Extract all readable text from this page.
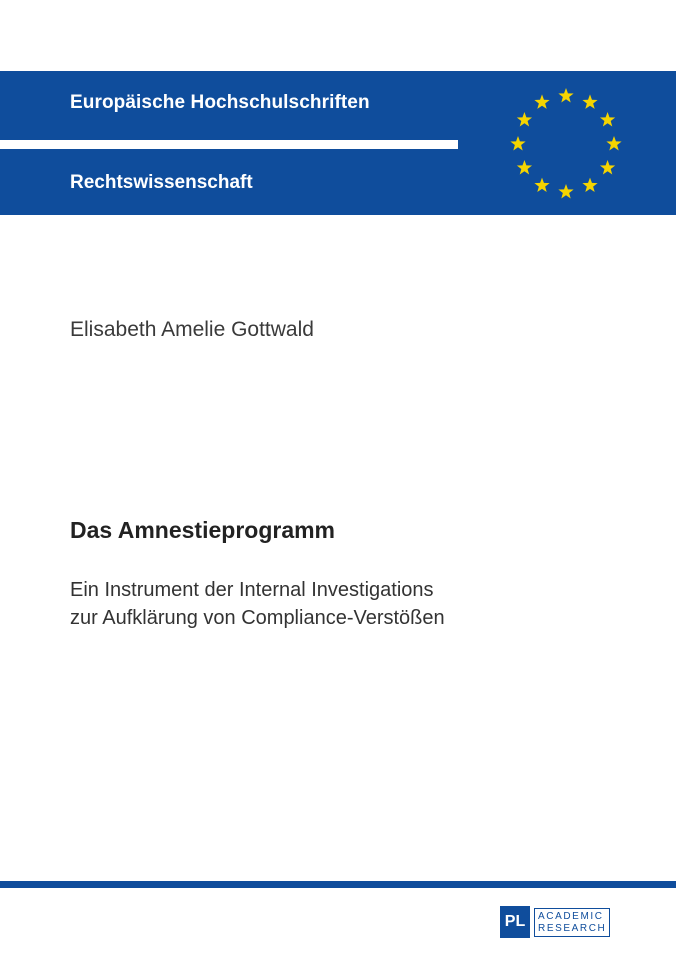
Europäische Hochschulschriften
Rechtswissenschaft
Elisabeth Amelie Gottwald
Das Amnestieprogramm
Ein Instrument der Internal Investigations
zur Aufklärung von Compliance-Verstößen
PL	ACADEMIC
RESEARCH
